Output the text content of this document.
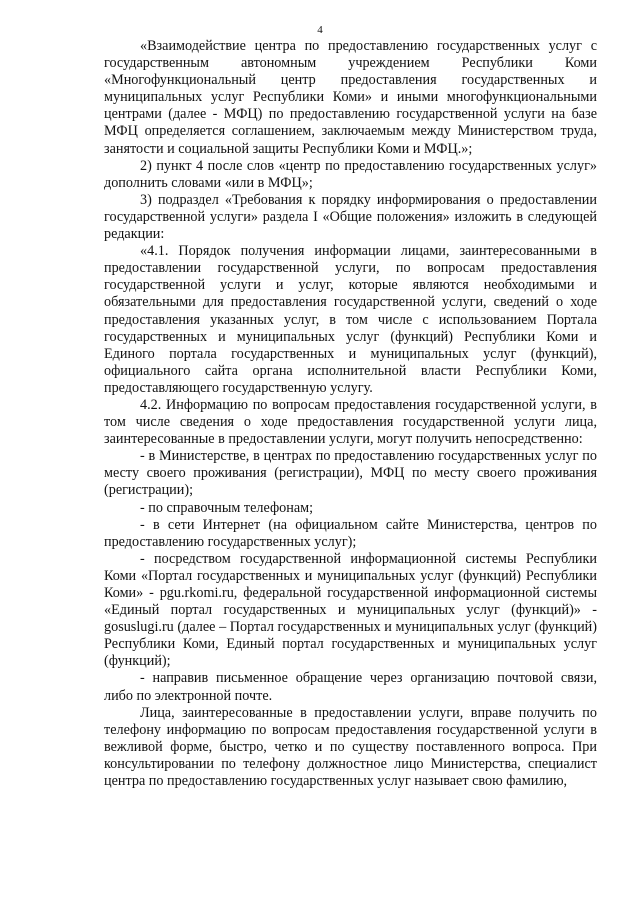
4

«Взаимодействие центра по предоставлению государственных услуг с государственным автономным учреждением Республики Коми «Многофункциональный центр предоставления государственных и муниципальных услуг Республики Коми» и иными многофункциональными центрами (далее - МФЦ) по предоставлению государственной услуги на базе МФЦ определяется соглашением, заключаемым между Министерством труда, занятости и социальной защиты Республики Коми и МФЦ.»;

2) пункт 4 после слов «центр по предоставлению государственных услуг» дополнить словами «или в МФЦ»;

3) подраздел «Требования к порядку информирования о предоставлении государственной услуги» раздела I «Общие положения» изложить в следующей редакции:

«4.1. Порядок получения информации лицами, заинтересованными в предоставлении государственной услуги, по вопросам предоставления государственной услуги и услуг, которые являются необходимыми и обязательными для предоставления государственной услуги, сведений о ходе предоставления указанных услуг, в том числе с использованием Портала государственных и муниципальных услуг (функций) Республики Коми и Единого портала государственных и муниципальных услуг (функций), официального сайта органа исполнительной власти Республики Коми, предоставляющего государственную услугу.

4.2. Информацию по вопросам предоставления государственной услуги, в том числе сведения о ходе предоставления государственной услуги лица, заинтересованные в предоставлении услуги, могут получить непосредственно:

- в Министерстве, в центрах по предоставлению государственных услуг по месту своего проживания (регистрации), МФЦ по месту своего проживания (регистрации);

- по справочным телефонам;

- в сети Интернет (на официальном сайте Министерства, центров по предоставлению государственных услуг);

- посредством государственной информационной системы Республики Коми «Портал государственных и муниципальных услуг (функций) Республики Коми» - pgu.rkomi.ru, федеральной государственной информационной системы «Единый портал государственных и муниципальных услуг (функций)» - gosuslugi.ru (далее – Портал государственных и муниципальных услуг (функций) Республики Коми, Единый портал государственных и муниципальных услуг (функций);

- направив письменное обращение через организацию почтовой связи, либо по электронной почте.

Лица, заинтересованные в предоставлении услуги, вправе получить по телефону информацию по вопросам предоставления государственной услуги в вежливой форме, быстро, четко и по существу поставленного вопроса. При консультировании по телефону должностное лицо Министерства, специалист центра по предоставлению государственных услуг называет свою фамилию,
